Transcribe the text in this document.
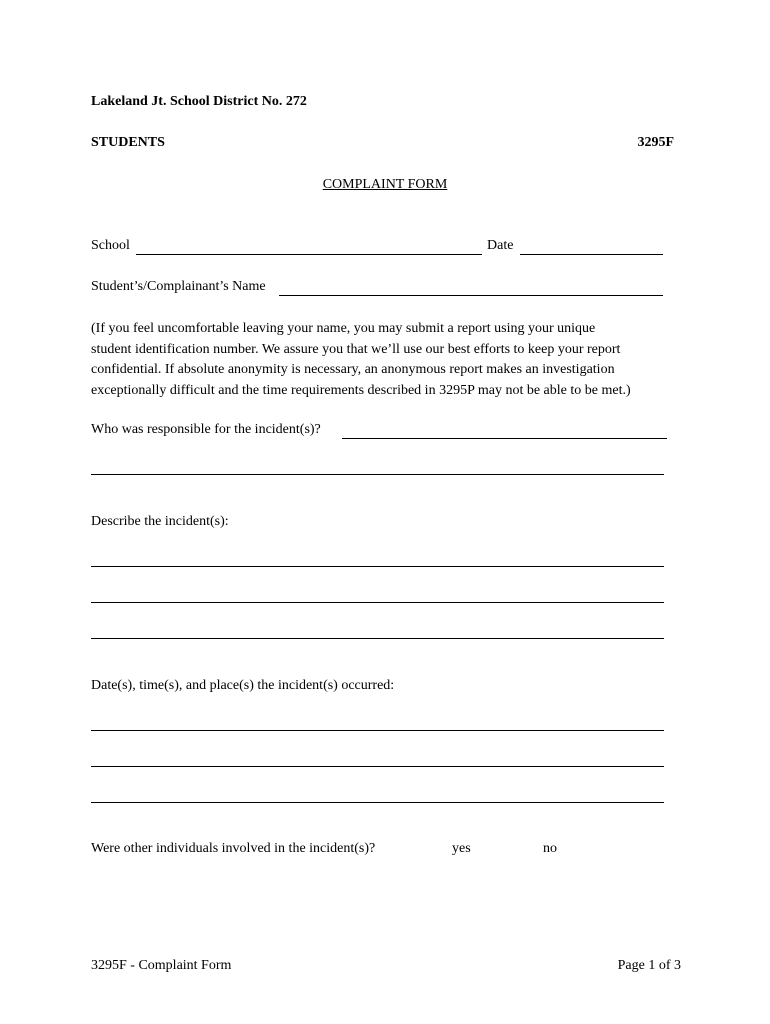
Lakeland Jt. School District No. 272
STUDENTS	3295F
COMPLAINT FORM
School	Date
Student’s/Complainant’s Name
(If you feel uncomfortable leaving your name, you may submit a report using your unique
student identification number. We assure you that we’ll use our best efforts to keep your report
confidential. If absolute anonymity is necessary, an anonymous report makes an investigation
exceptionally difficult and the time requirements described in 3295P may not be able to be met.)
Who was responsible for the incident(s)?
Describe the incident(s):
Date(s), time(s), and place(s) the incident(s) occurred:
Were other individuals involved in the incident(s)?	yes	no
3295F - Complaint Form	Page 1 of 3
